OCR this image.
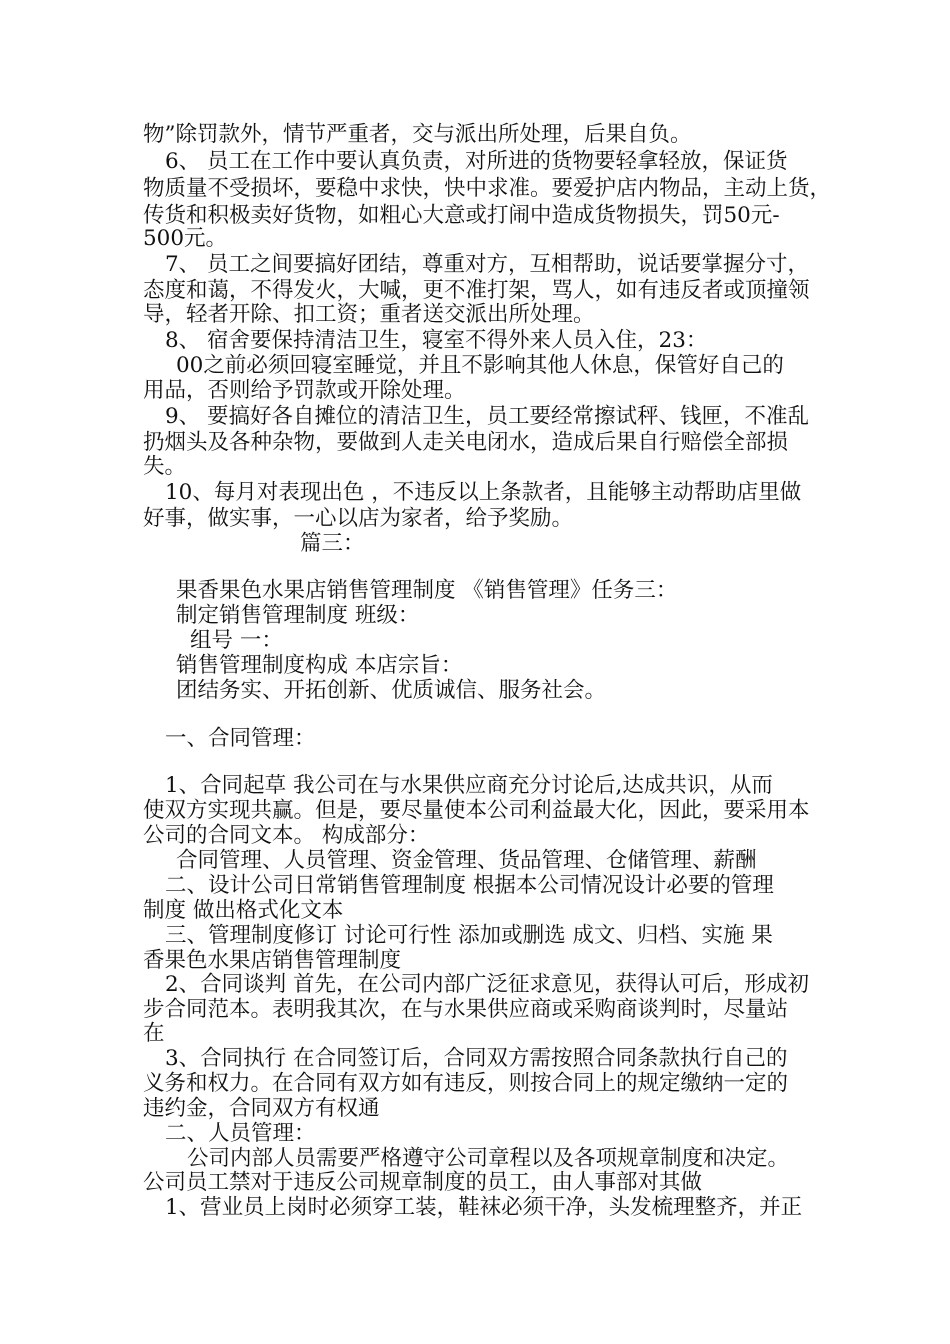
物”除罚款外，情节严重者，交与派出所处理，后果自负。
6、 员工在工作中要认真负责，对所进的货物要轻拿轻放，保证货
物质量不受损坏，要稳中求快，快中求准。要爱护店内物品，主动上货，
传货和积极卖好货物，如粗心大意或打闹中造成货物损失，罚50元-
500元。
7、 员工之间要搞好团结，尊重对方，互相帮助，说话要掌握分寸，
态度和蔼，不得发火，大喊，更不准打架，骂人，如有违反者或顶撞领
导，轻者开除、扣工资；重者送交派出所处理。
8、 宿舍要保持清洁卫生，寝室不得外来人员入住，23：
00之前必须回寝室睡觉，并且不影响其他人休息，保管好自己的
用品，否则给予罚款或开除处理。
9、 要搞好各自摊位的清洁卫生，员工要经常擦试秤、钱匣，不准乱
扔烟头及各种杂物，要做到人走关电闭水，造成后果自行赔偿全部损
失。
10、每月对表现出色 ，不违反以上条款者，且能够主动帮助店里做
好事，做实事，一心以店为家者，给予奖励。
篇三：
果香果色水果店销售管理制度 《销售管理》任务三：
制定销售管理制度 班级：
组号 一：
销售管理制度构成 本店宗旨：
团结务实、开拓创新、优质诚信、服务社会。
一、合同管理：
1、合同起草 我公司在与水果供应商充分讨论后,达成共识，从而
使双方实现共赢。但是，要尽量使本公司利益最大化，因此，要采用本
公司的合同文本。 构成部分：
合同管理、人员管理、资金管理、货品管理、仓储管理、薪酬
二、设计公司日常销售管理制度 根据本公司情况设计必要的管理
制度 做出格式化文本
三、管理制度修订 讨论可行性 添加或删选 成文、归档、实施 果
香果色水果店销售管理制度
2、合同谈判 首先，在公司内部广泛征求意见，获得认可后，形成初
步合同范本。表明我其次，在与水果供应商或采购商谈判时，尽量站
在
3、合同执行 在合同签订后，合同双方需按照合同条款执行自己的
义务和权力。在合同有双方如有违反，则按合同上的规定缴纳一定的
违约金，合同双方有权通
二、人员管理：
公司内部人员需要严格遵守公司章程以及各项规章制度和决定。
公司员工禁对于违反公司规章制度的员工，由人事部对其做
1、营业员上岗时必须穿工装，鞋袜必须干净，头发梳理整齐，并正
